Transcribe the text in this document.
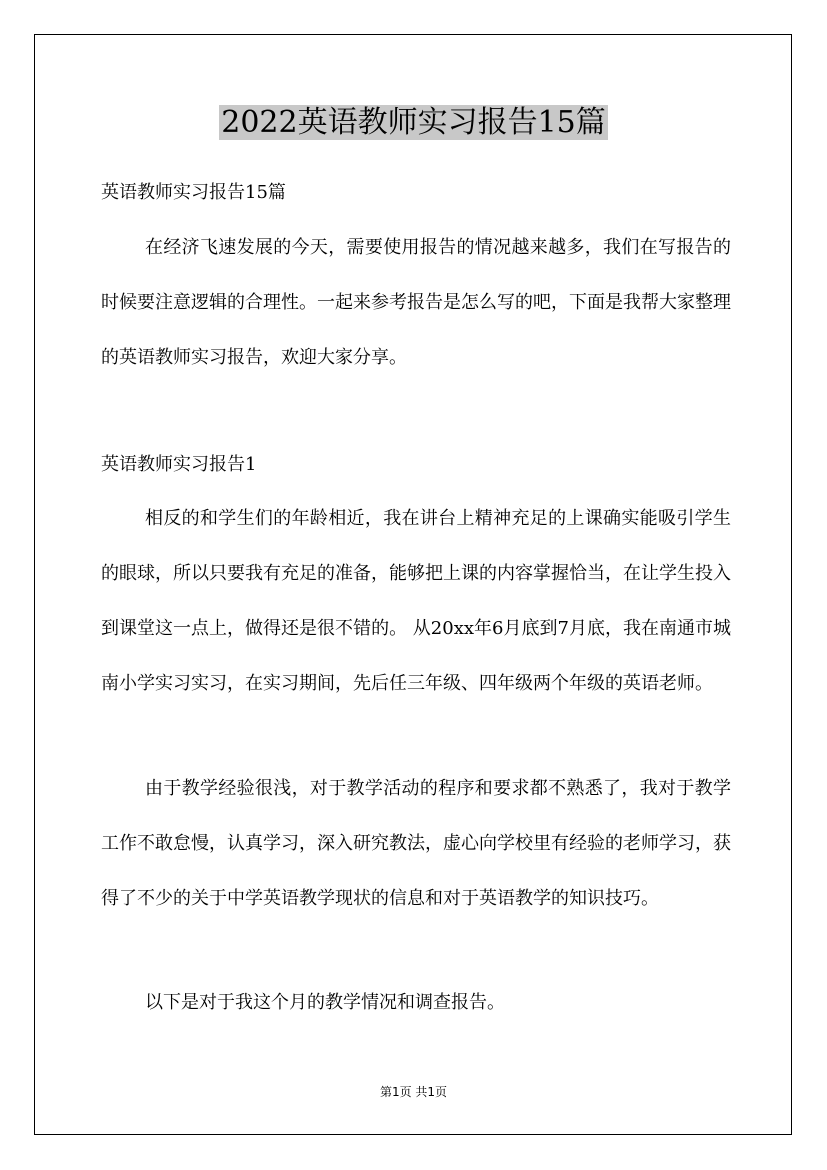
2022英语教师实习报告15篇
英语教师实习报告15篇
在经济飞速发展的今天，需要使用报告的情况越来越多，我们在写报告的时候要注意逻辑的合理性。一起来参考报告是怎么写的吧，下面是我帮大家整理的英语教师实习报告，欢迎大家分享。
英语教师实习报告1
相反的和学生们的年龄相近，我在讲台上精神充足的上课确实能吸引学生的眼球，所以只要我有充足的准备，能够把上课的内容掌握恰当，在让学生投入到课堂这一点上，做得还是很不错的。 从20xx年6月底到7月底，我在南通市城南小学实习实习，在实习期间，先后任三年级、四年级两个年级的英语老师。
由于教学经验很浅，对于教学活动的程序和要求都不熟悉了，我对于教学工作不敢怠慢，认真学习，深入研究教法，虚心向学校里有经验的老师学习，获得了不少的关于中学英语教学现状的信息和对于英语教学的知识技巧。
以下是对于我这个月的教学情况和调查报告。
第1页 共1页
